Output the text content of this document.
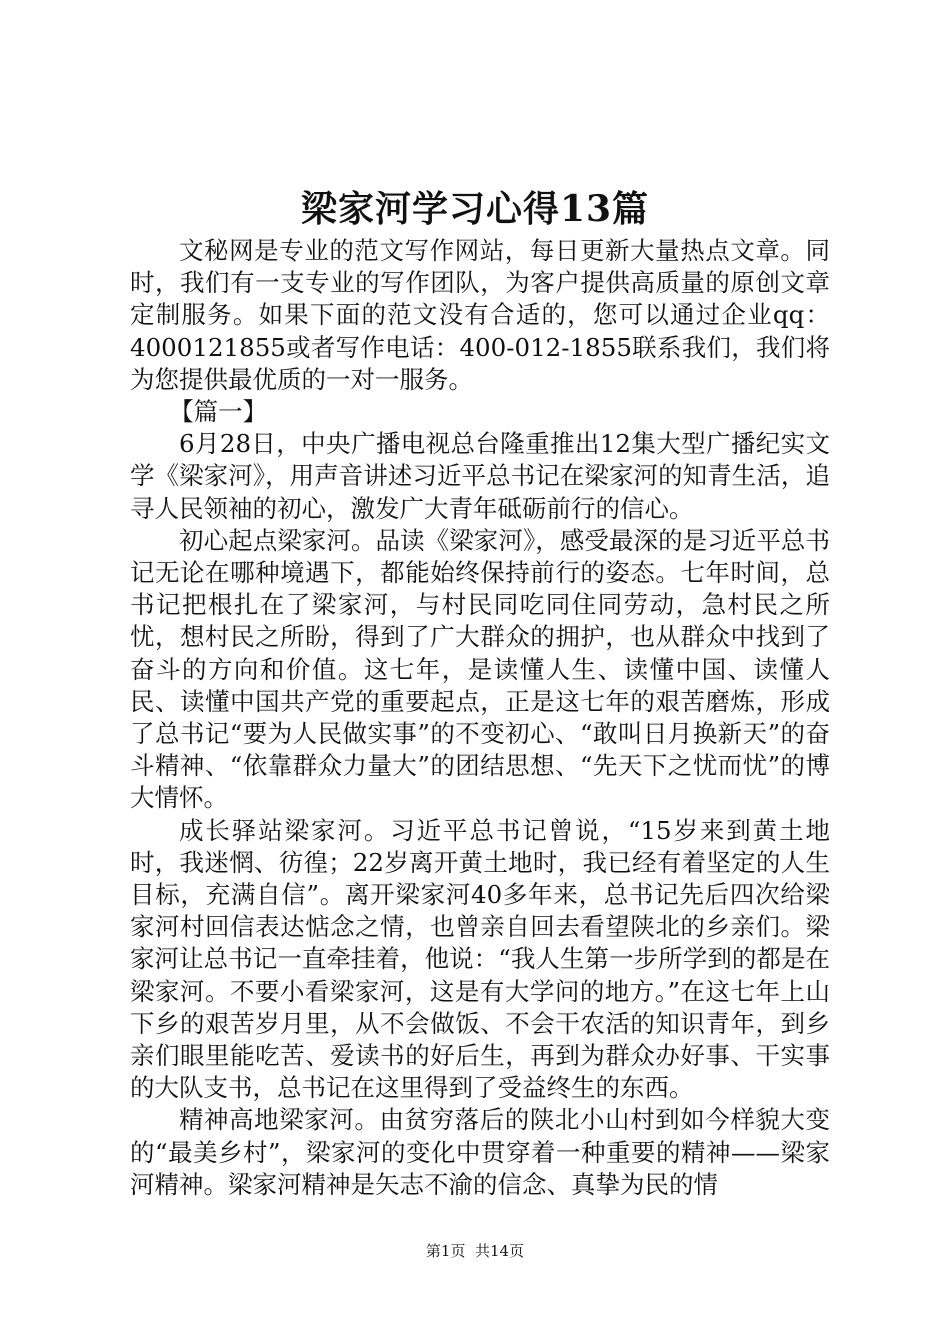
梁家河学习心得13篇

文秘网是专业的范文写作网站，每日更新大量热点文章。同时，我们有一支专业的写作团队，为客户提供高质量的原创文章定制服务。如果下面的范文没有合适的，您可以通过企业qq：4000121855或者写作电话：400-012-1855联系我们，我们将为您提供最优质的一对一服务。

【篇一】

6月28日，中央广播电视总台隆重推出12集大型广播纪实文学《梁家河》，用声音讲述习近平总书记在梁家河的知青生活，追寻人民领袖的初心，激发广大青年砥砺前行的信心。

初心起点梁家河。品读《梁家河》，感受最深的是习近平总书记无论在哪种境遇下，都能始终保持前行的姿态。七年时间，总书记把根扎在了梁家河，与村民同吃同住同劳动，急村民之所忧，想村民之所盼，得到了广大群众的拥护，也从群众中找到了奋斗的方向和价值。这七年，是读懂人生、读懂中国、读懂人民、读懂中国共产党的重要起点，正是这七年的艰苦磨炼，形成了总书记“要为人民做实事”的不变初心、“敢叫日月换新天”的奋斗精神、“依靠群众力量大”的团结思想、“先天下之忧而忧”的博大情怀。

成长驿站梁家河。习近平总书记曾说，“15岁来到黄土地时，我迷惘、彷徨；22岁离开黄土地时，我已经有着坚定的人生目标，充满自信”。离开梁家河40多年来，总书记先后四次给梁家河村回信表达惦念之情，也曾亲自回去看望陕北的乡亲们。梁家河让总书记一直牵挂着，他说：“我人生第一步所学到的都是在梁家河。不要小看梁家河，这是有大学问的地方。”在这七年上山下乡的艰苦岁月里，从不会做饭、不会干农活的知识青年，到乡亲们眼里能吃苦、爱读书的好后生，再到为群众办好事、干实事的大队支书，总书记在这里得到了受益终生的东西。

精神高地梁家河。由贫穷落后的陕北小山村到如今样貌大变的“最美乡村”，梁家河的变化中贯穿着一种重要的精神——梁家河精神。梁家河精神是矢志不渝的信念、真挚为民的情

第1页  共14页
